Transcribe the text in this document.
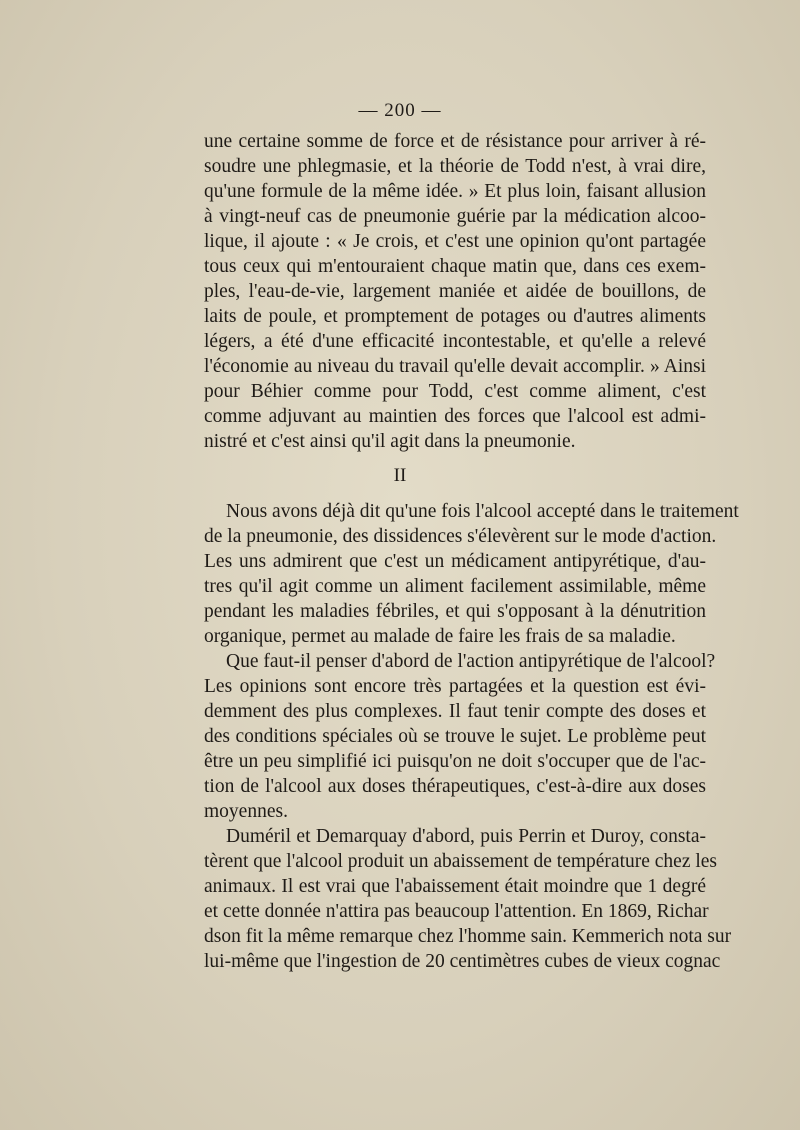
— 200 —
une certaine somme de force et de résistance pour arriver à ré-
soudre une phlegmasie, et la théorie de Todd n'est, à vrai dire,
qu'une formule de la même idée. » Et plus loin, faisant allusion
à vingt-neuf cas de pneumonie guérie par la médication alcoo-
lique, il ajoute : « Je crois, et c'est une opinion qu'ont partagée
tous ceux qui m'entouraient chaque matin que, dans ces exem-
ples, l'eau-de-vie, largement maniée et aidée de bouillons, de
laits de poule, et promptement de potages ou d'autres aliments
légers, a été d'une efficacité incontestable, et qu'elle a relevé
l'économie au niveau du travail qu'elle devait accomplir. » Ainsi
pour Béhier comme pour Todd, c'est comme aliment, c'est
comme adjuvant au maintien des forces que l'alcool est admi-
nistré et c'est ainsi qu'il agit dans la pneumonie.
II
Nous avons déjà dit qu'une fois l'alcool accepté dans le traitement
de la pneumonie, des dissidences s'élevèrent sur le mode d'action.
Les uns admirent que c'est un médicament antipyrétique, d'au-
tres qu'il agit comme un aliment facilement assimilable, même
pendant les maladies fébriles, et qui s'opposant à la dénutrition
organique, permet au malade de faire les frais de sa maladie.
Que faut-il penser d'abord de l'action antipyrétique de l'alcool?
Les opinions sont encore très partagées et la question est évi-
demment des plus complexes. Il faut tenir compte des doses et
des conditions spéciales où se trouve le sujet. Le problème peut
être un peu simplifié ici puisqu'on ne doit s'occuper que de l'ac-
tion de l'alcool aux doses thérapeutiques, c'est-à-dire aux doses
moyennes.
Duméril et Demarquay d'abord, puis Perrin et Duroy, consta-
tèrent que l'alcool produit un abaissement de température chez les
animaux. Il est vrai que l'abaissement était moindre que 1 degré
et cette donnée n'attira pas beaucoup l'attention. En 1869, Richar
dson fit la même remarque chez l'homme sain. Kemmerich nota sur
lui-même que l'ingestion de 20 centimètres cubes de vieux cognac
